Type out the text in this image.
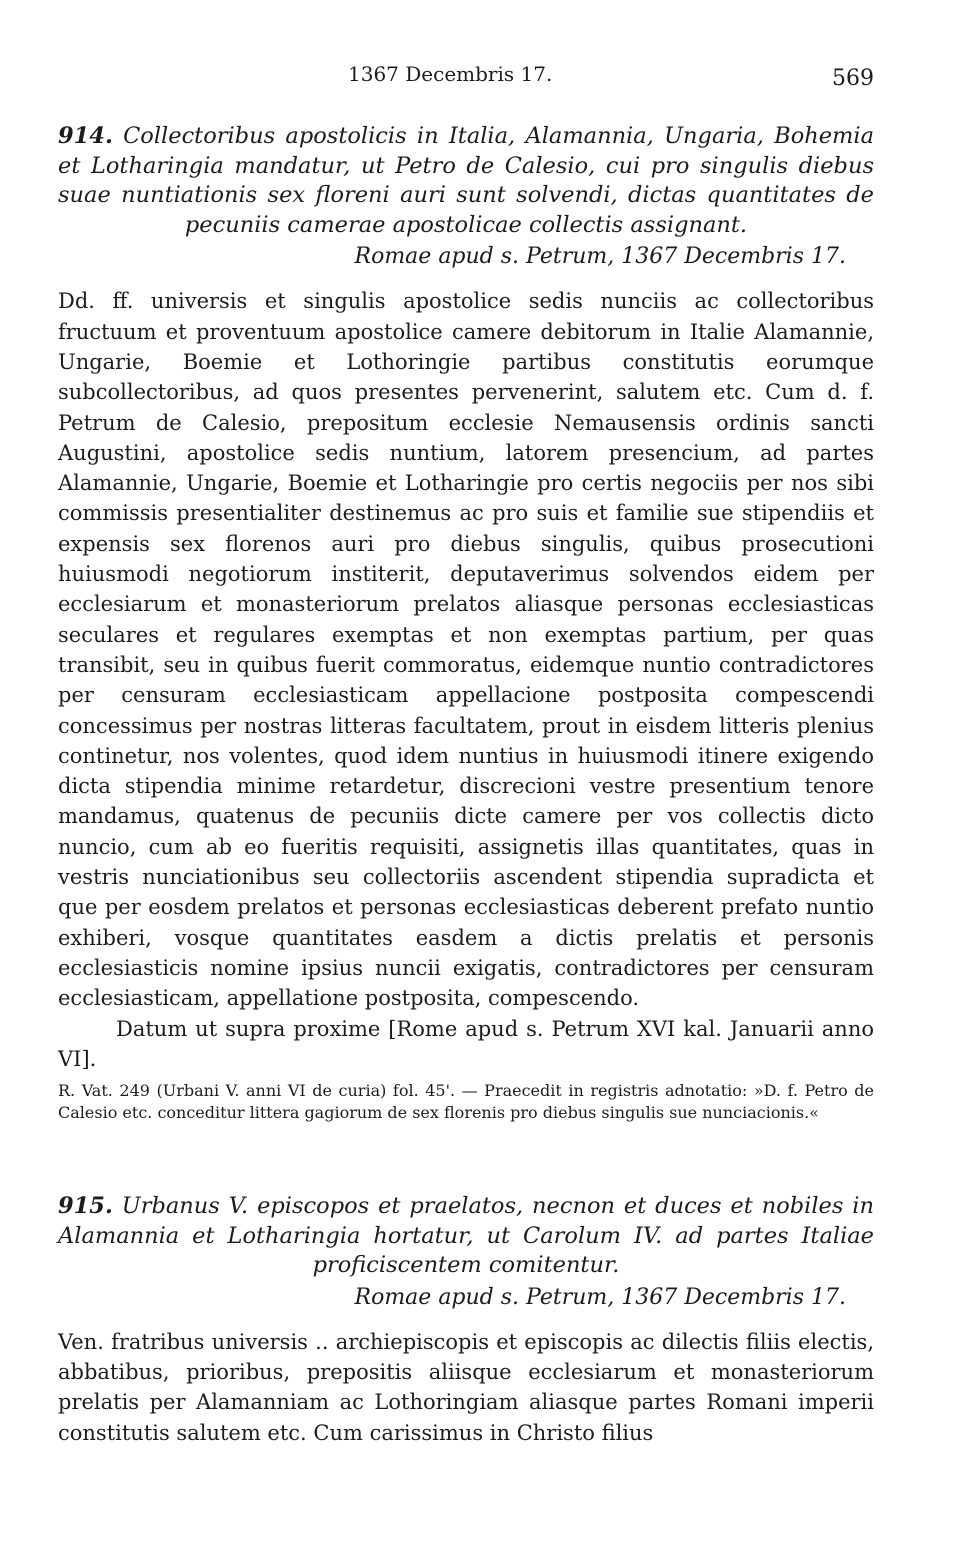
1367 Decembris 17.	569

914. Collectoribus apostolicis in Italia, Alamannia, Ungaria, Bohemia et Lotharingia mandatur, ut Petro de Calesio, cui pro singulis diebus suae nuntiationis sex floreni auri sunt solvendi, dictas quantitates de pecuniis camerae apostolicae collectis assignant.

Romae apud s. Petrum, 1367 Decembris 17.

Dd. ff. universis et singulis apostolice sedis nunciis ac collectoribus fructuum et proventuum apostolice camere debitorum in Italie Alamannie, Ungarie, Boemie et Lothoringie partibus constitutis eorumque subcollectoribus, ad quos presentes pervenerint, salutem etc. Cum d. f. Petrum de Calesio, prepositum ecclesie Nemausensis ordinis sancti Augustini, apostolice sedis nuntium, latorem presencium, ad partes Alamannie, Ungarie, Boemie et Lotharingie pro certis negociis per nos sibi commissis presentialiter destinemus ac pro suis et familie sue stipendiis et expensis sex florenos auri pro diebus singulis, quibus prosecutioni huiusmodi negotiorum institerit, deputaverimus solvendos eidem per ecclesiarum et monasteriorum prelatos aliasque personas ecclesiasticas seculares et regulares exemptas et non exemptas partium, per quas transibit, seu in quibus fuerit commoratus, eidemque nuntio contradictores per censuram ecclesiasticam appellacione postposita compescendi concessimus per nostras litteras facultatem, prout in eisdem litteris plenius continetur, nos volentes, quod idem nuntius in huiusmodi itinere exigendo dicta stipendia minime retardetur, discrecioni vestre presentium tenore mandamus, quatenus de pecuniis dicte camere per vos collectis dicto nuncio, cum ab eo fueritis requisiti, assignetis illas quantitates, quas in vestris nunciationibus seu collectoriis ascendent stipendia supradicta et que per eosdem prelatos et personas ecclesiasticas deberent prefato nuntio exhiberi, vosque quantitates easdem a dictis prelatis et personis ecclesiasticis nomine ipsius nuncii exigatis, contradictores per censuram ecclesiasticam, appellatione postposita, compescendo.

Datum ut supra proxime [Rome apud s. Petrum XVI kal. Januarii anno VI].

R. Vat. 249 (Urbani V. anni VI de curia) fol. 45'. — Praecedit in registris adnotatio: »D. f. Petro de Calesio etc. conceditur littera gagiorum de sex florenis pro diebus singulis sue nunciacionis.«

915. Urbanus V. episcopos et praelatos, necnon et duces et nobiles in Alamannia et Lotharingia hortatur, ut Carolum IV. ad partes Italiae proficiscentem comitentur.

Romae apud s. Petrum, 1367 Decembris 17.

Ven. fratribus universis .. archiepiscopis et episcopis ac dilectis filiis electis, abbatibus, prioribus, prepositis aliisque ecclesiarum et monasteriorum prelatis per Alamanniam ac Lothoringiam aliasque partes Romani imperii constitutis salutem etc. Cum carissimus in Christo filius
